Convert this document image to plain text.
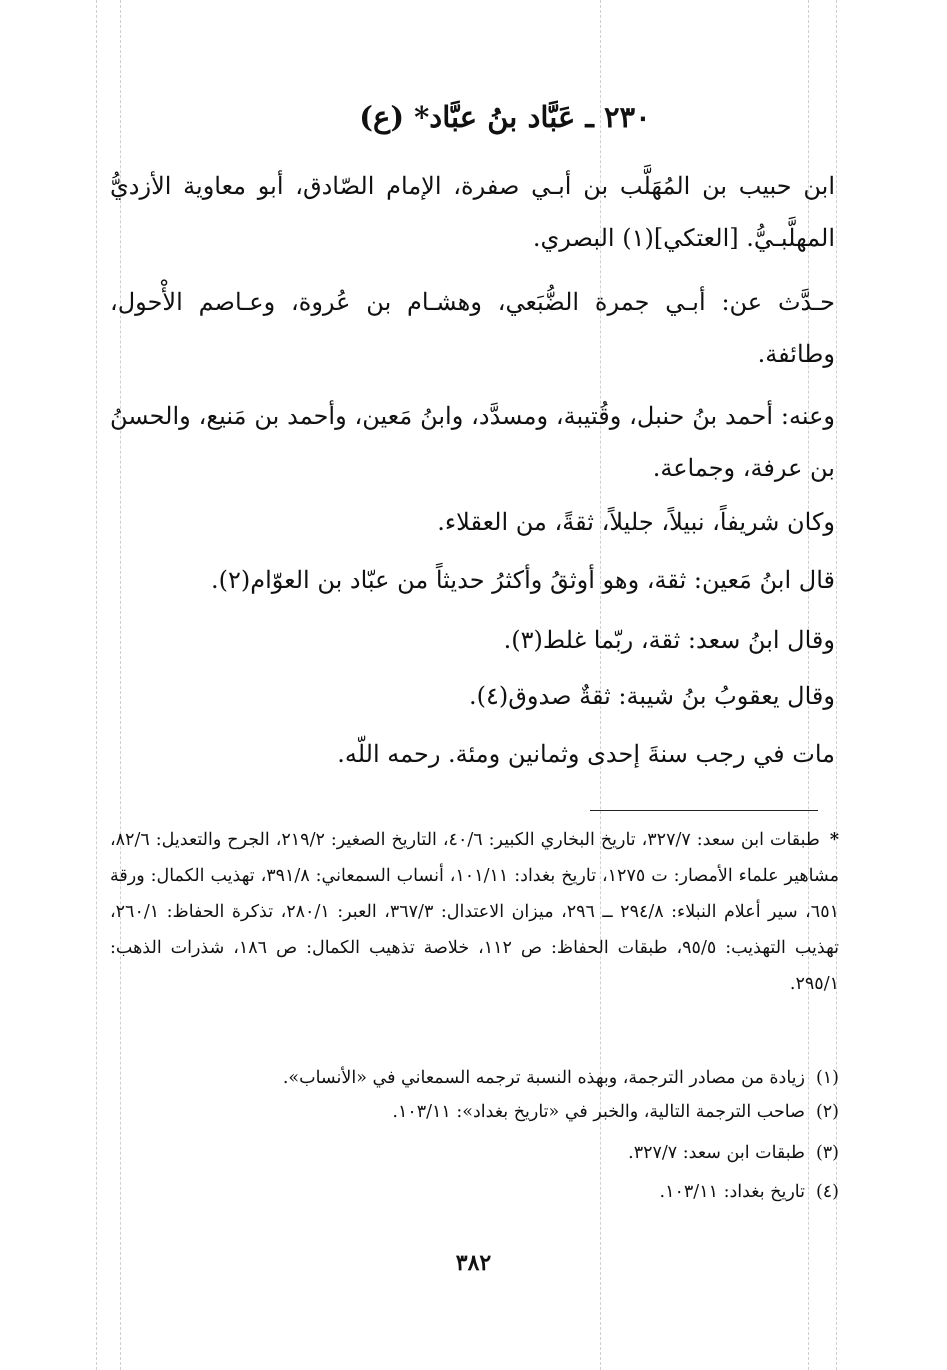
٢٣٠ ـ عَبَّاد بنُ عبَّاد* (ع)
ابن حبيب بن المُهَلَّب بن أبـي صفرة، الإمام الصّادق، أبو معاوية الأزديُّ المهلَّبـيُّ. [العتكي](١) البصري.
حـدَّث عن: أبـي جمرة الضُّبَعي، وهشـام بن عُروة، وعـاصم الأْحول، وطائفة.
وعنه: أحمد بنُ حنبل، وقُتيبة، ومسدَّد، وابنُ مَعين، وأحمد بن مَنيع، والحسنُ بن عرفة، وجماعة.
وكان شريفاً، نبيلاً، جليلاً، ثقةً، من العقلاء.
قال ابنُ مَعين: ثقة، وهو أوثقُ وأكثرُ حديثاً من عبّاد بن العوّام(٢).
وقال ابنُ سعد: ثقة، ربّما غلط(٣).
وقال يعقوبُ بنُ شيبة: ثقةٌ صدوق(٤).
مات في رجب سنةَ إحدى وثمانين ومئة. رحمه اللّه.
*طبقات ابن سعد: ٣٢٧/٧، تاريخ البخاري الكبير: ٤٠/٦، التاريخ الصغير: ٢١٩/٢، الجرح والتعديل: ٨٢/٦، مشاهير علماء الأمصار: ت ١٢٧٥، تاريخ بغداد: ١٠١/١١، أنساب السمعاني: ٣٩١/٨، تهذيب الكمال: ورقة ٦٥١، سير أعلام النبلاء: ٢٩٤/٨ ــ ٢٩٦، ميزان الاعتدال: ٣٦٧/٣، العبر: ٢٨٠/١، تذكرة الحفاظ: ٢٦٠/١، تهذيب التهذيب: ٩٥/٥، طبقات الحفاظ: ص ١١٢، خلاصة تذهيب الكمال: ص ١٨٦، شذرات الذهب: ٢٩٥/١.
(١)زيادة من مصادر الترجمة، وبهذه النسبة ترجمه السمعاني في «الأنساب».
(٢)صاحب الترجمة التالية، والخبر في «تاريخ بغداد»: ١٠٣/١١.
(٣)طبقات ابن سعد: ٣٢٧/٧.
(٤)تاريخ بغداد: ١٠٣/١١.
٣٨٢
